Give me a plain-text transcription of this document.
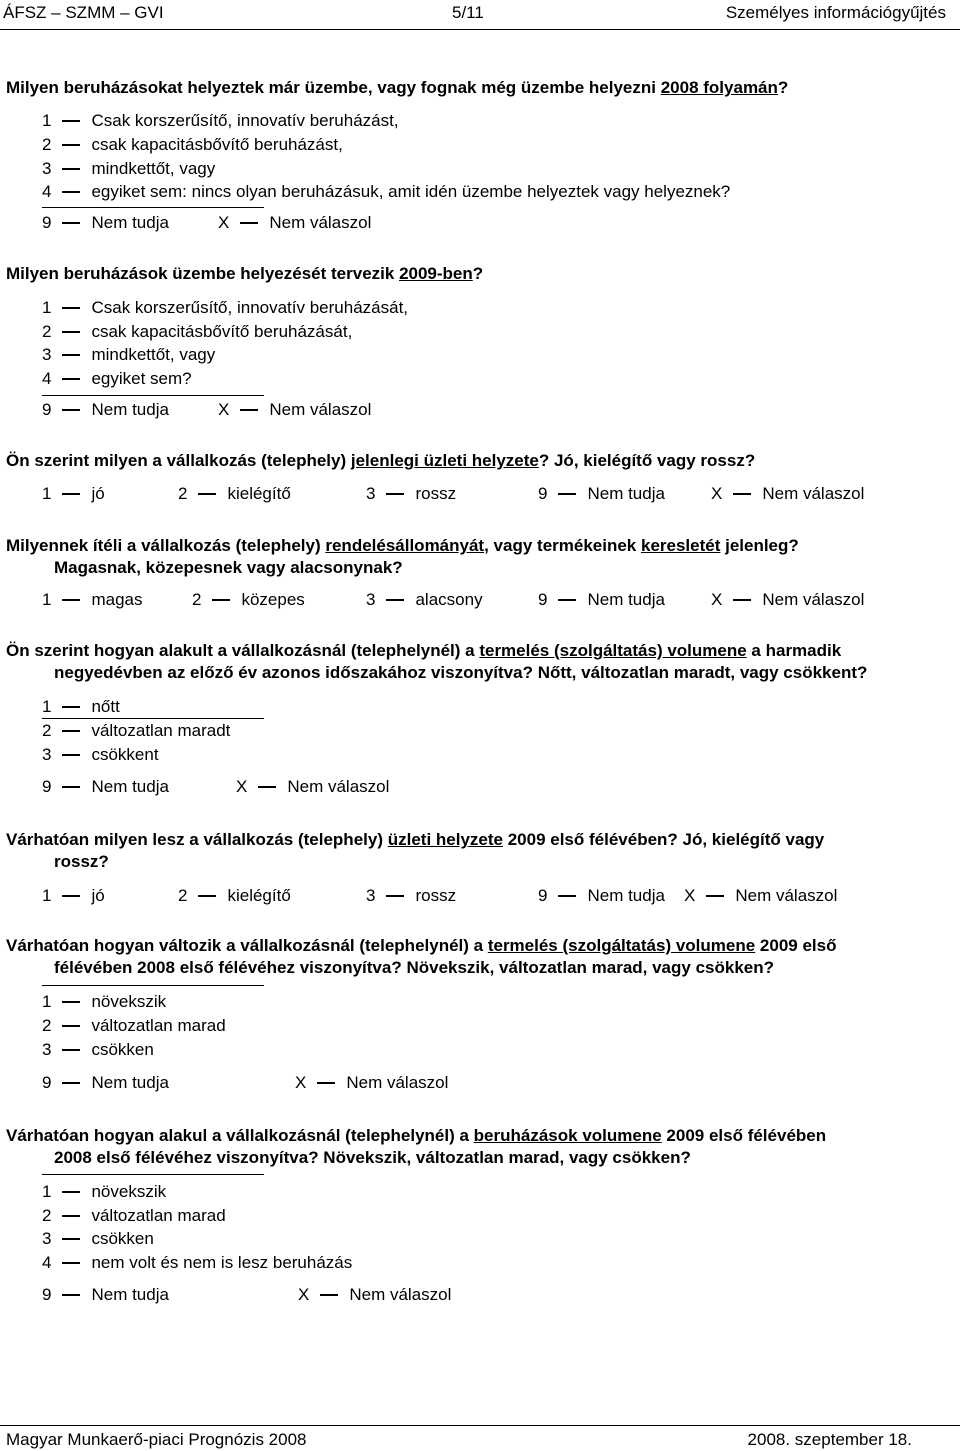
ÁFSZ – SZMM – GVI	5/11	Személyes információgyűjtés
Milyen beruházásokat helyeztek már üzembe, vagy fognak még üzembe helyezni 2008 folyamán?
1 Csak korszerűsítő, innovatív beruházást,
2 csak kapacitásbővítő beruházást,
3 mindkettőt, vagy
4 egyiket sem: nincs olyan beruházásuk, amit idén üzembe helyeztek vagy helyeznek?
9 Nem tudja	X Nem válaszol
Milyen beruházások üzembe helyezését tervezik 2009-ben?
1 Csak korszerűsítő, innovatív beruházását,
2 csak kapacitásbővítő beruházását,
3 mindkettőt, vagy
4 egyiket sem?
9 Nem tudja	X Nem válaszol
Ön szerint milyen a vállalkozás (telephely) jelenlegi üzleti helyzete? Jó, kielégítő vagy rossz?
1 jó	2 kielégítő	3 rossz	9 Nem tudja	X Nem válaszol
Milyennek ítéli a vállalkozás (telephely) rendelésállományát, vagy termékeinek keresletét jelenleg?
Magasnak, közepesnek vagy alacsonynak?
1 magas	2 közepes	3 alacsony	9 Nem tudja	X Nem válaszol
Ön szerint hogyan alakult a vállalkozásnál (telephelynél) a termelés (szolgáltatás) volumene a harmadik
negyedévben az előző év azonos időszakához viszonyítva? Nőtt, változatlan maradt, vagy csökkent?
1 nőtt
2 változatlan maradt
3 csökkent
9 Nem tudja	X Nem válaszol
Várhatóan milyen lesz a vállalkozás (telephely) üzleti helyzete 2009 első félévében? Jó, kielégítő vagy
rossz?
1 jó	2 kielégítő	3 rossz	9 Nem tudja X Nem válaszol
Várhatóan hogyan változik a vállalkozásnál (telephelynél) a termelés (szolgáltatás) volumene 2009 első
félévében 2008 első félévéhez viszonyítva? Növekszik, változatlan marad, vagy csökken?
1 növekszik
2 változatlan marad
3 csökken
9 Nem tudja	X Nem válaszol
Várhatóan hogyan alakul a vállalkozásnál (telephelynél) a beruházások volumene 2009 első félévében
2008 első félévéhez viszonyítva? Növekszik, változatlan marad, vagy csökken?
1 növekszik
2 változatlan marad
3 csökken
4 nem volt és nem is lesz beruházás
9 Nem tudja	X Nem válaszol
Magyar Munkaerő-piaci Prognózis 2008	2008. szeptember 18.
